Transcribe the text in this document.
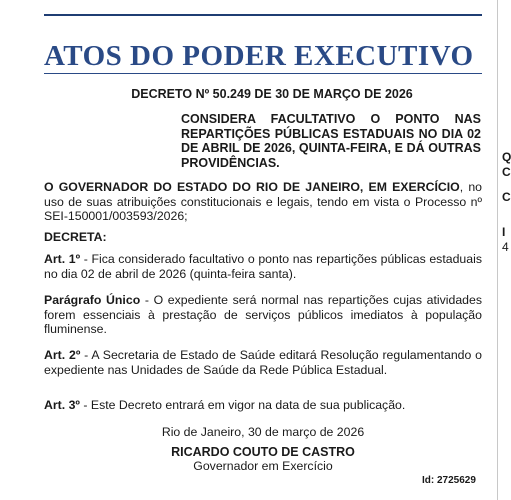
ATOS DO PODER EXECUTIVO
DECRETO Nº 50.249 DE 30 DE MARÇO DE 2026
CONSIDERA FACULTATIVO O PONTO NAS REPARTIÇÕES PÚBLICAS ESTADUAIS NO DIA 02 DE ABRIL DE 2026, QUINTA-FEIRA, E DÁ OUTRAS PROVIDÊNCIAS.
O GOVERNADOR DO ESTADO DO RIO DE JANEIRO, EM EXERCÍCIO, no uso de suas atribuições constitucionais e legais, tendo em vista o Processo nº SEI-150001/003593/2026;
DECRETA:
Art. 1º - Fica considerado facultativo o ponto nas repartições públicas estaduais no dia 02 de abril de 2026 (quinta-feira santa).
Parágrafo Único - O expediente será normal nas repartições cujas atividades forem essenciais à prestação de serviços públicos imediatos à população fluminense.
Art. 2º - A Secretaria de Estado de Saúde editará Resolução regulamentando o expediente nas Unidades de Saúde da Rede Pública Estadual.
Art. 3º - Este Decreto entrará em vigor na data de sua publicação.
Rio de Janeiro, 30 de março de 2026
RICARDO COUTO DE CASTRO
Governador em Exercício
Id: 2725629
Q
C
C
I
4
